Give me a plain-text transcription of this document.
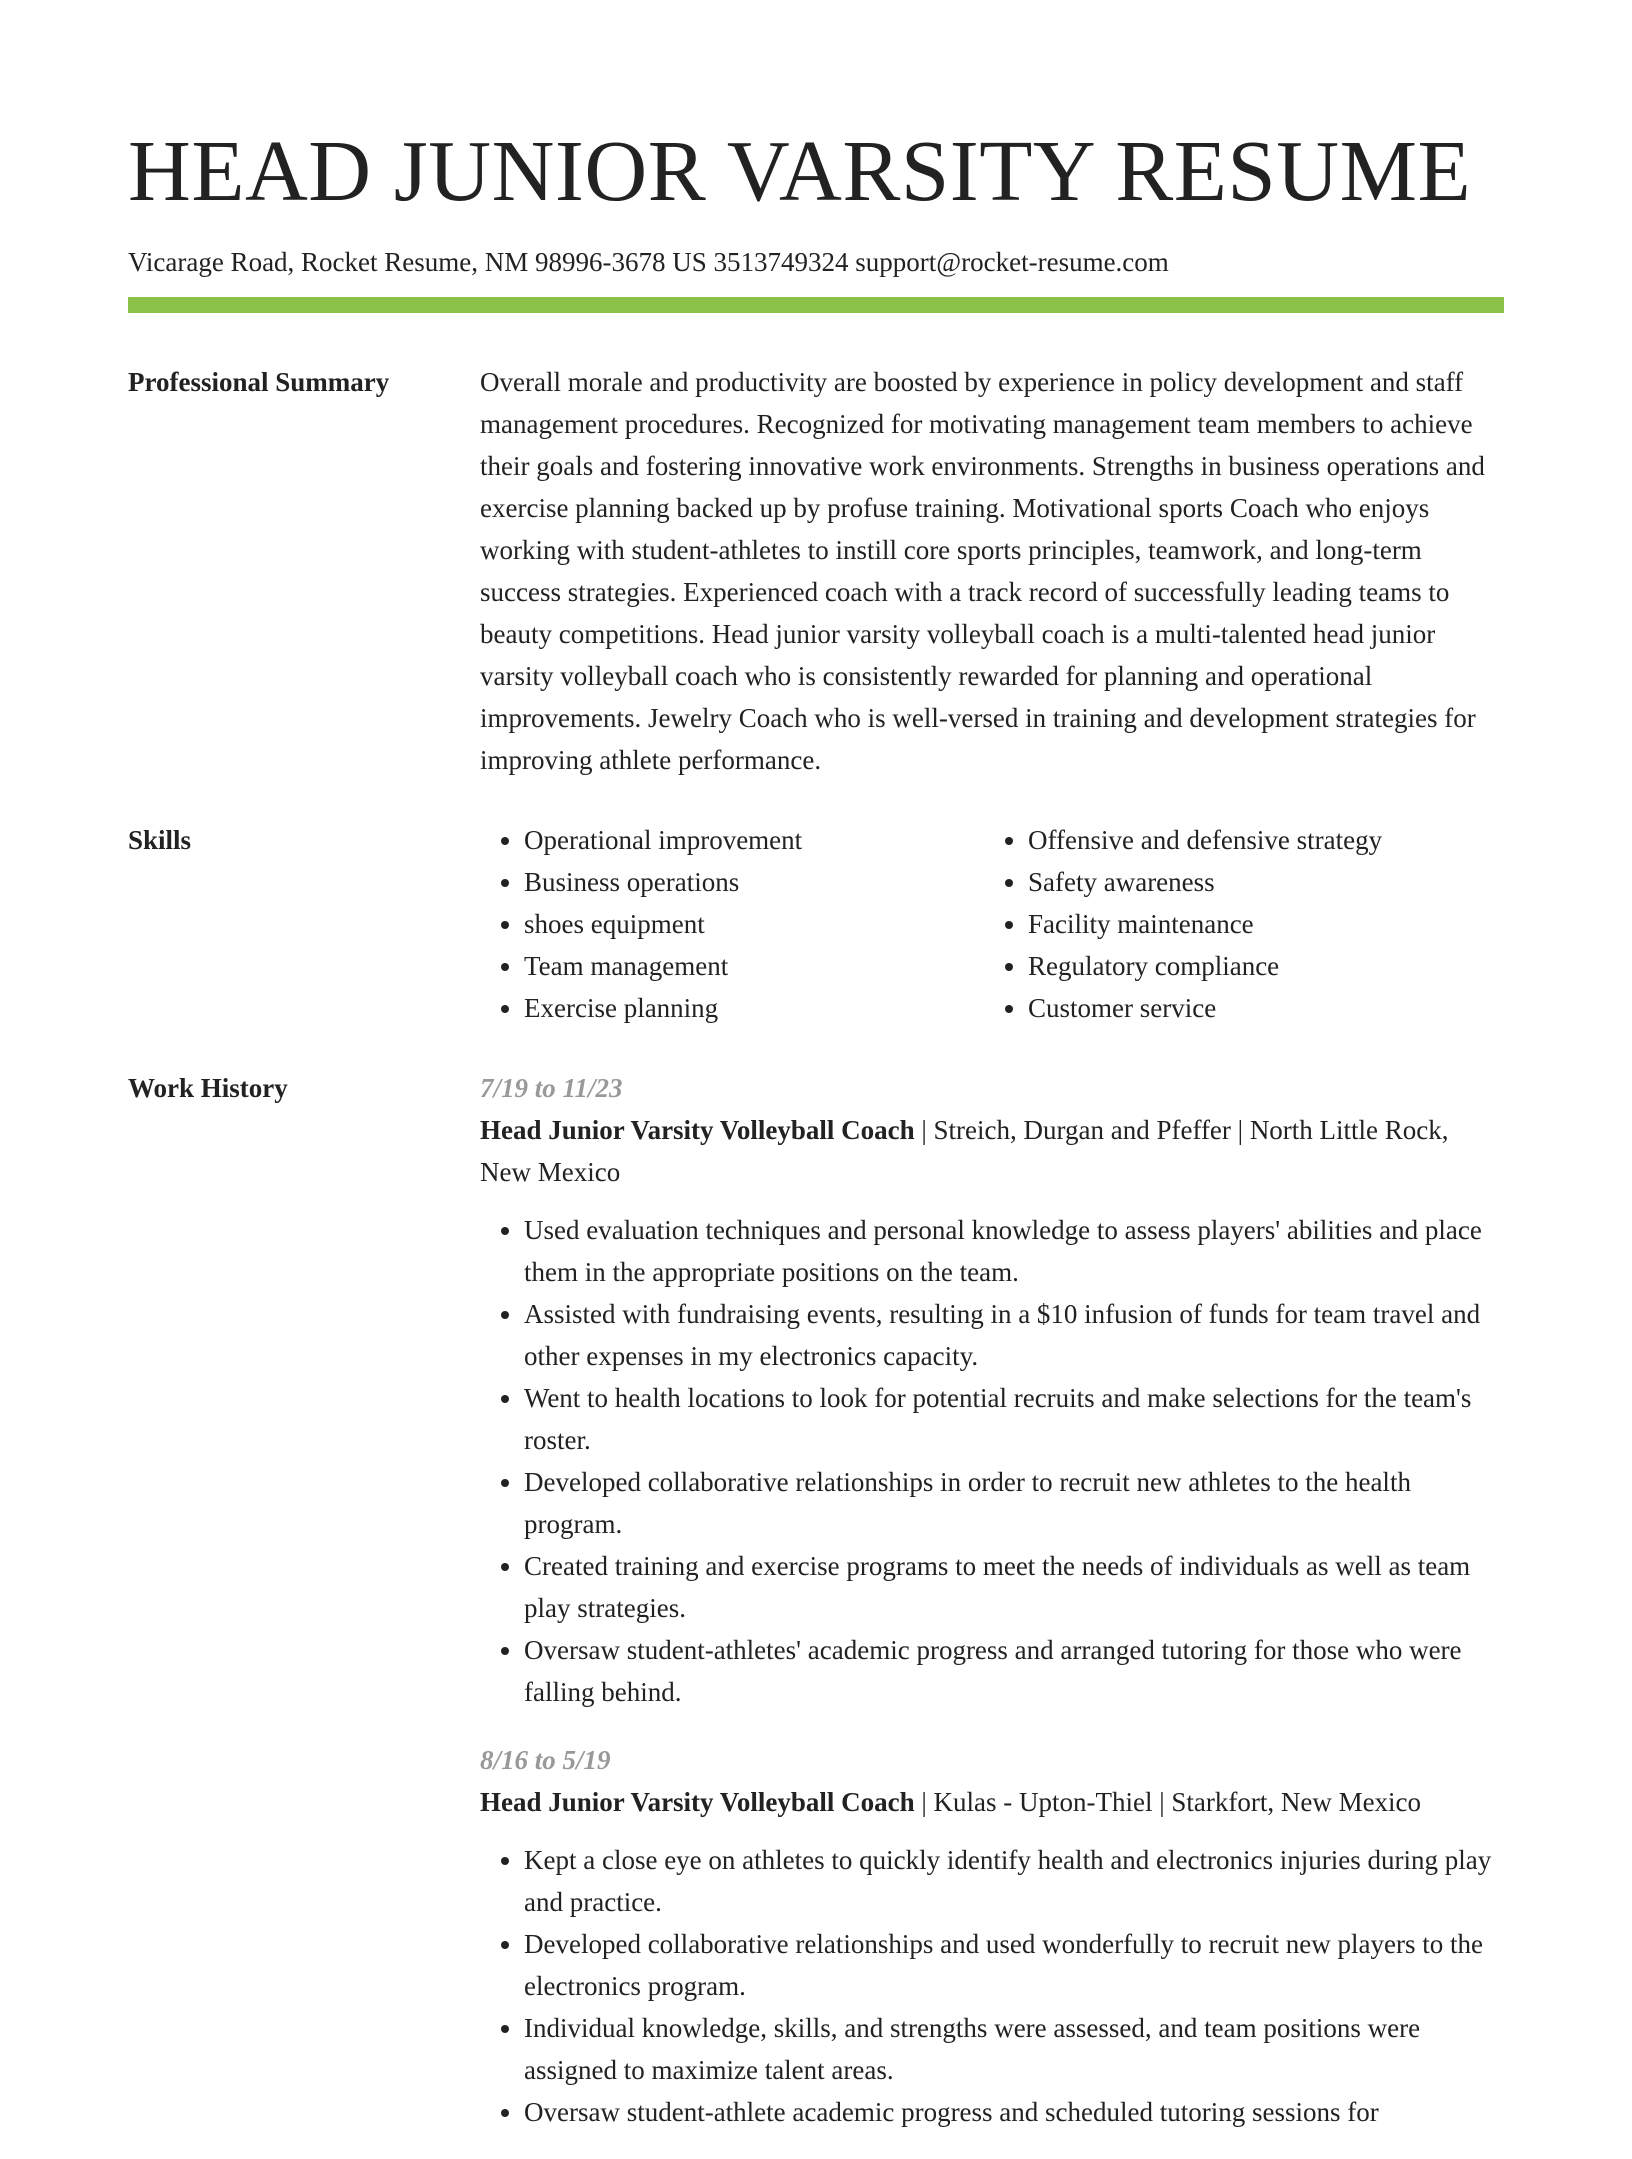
HEAD JUNIOR VARSITY RESUME
Vicarage Road, Rocket Resume, NM 98996-3678 US 3513749324 support@rocket-resume.com
Professional Summary	Overall morale and productivity are boosted by experience in policy development and staff management procedures. Recognized for motivating management team members to achieve their goals and fostering innovative work environments. Strengths in business operations and exercise planning backed up by profuse training. Motivational sports Coach who enjoys working with student-athletes to instill core sports principles, teamwork, and long-term success strategies. Experienced coach with a track record of successfully leading teams to beauty competitions. Head junior varsity volleyball coach is a multi-talented head junior varsity volleyball coach who is consistently rewarded for planning and operational improvements. Jewelry Coach who is well-versed in training and development strategies for improving athlete performance.

Skills
•	Operational improvement
• Business operations
• shoes equipment
• Team management
• Exercise planning
• Offensive and defensive strategy
• Safety awareness
• Facility maintenance
• Regulatory compliance
• Customer service
Work History	7/19 to 11/23

Head Junior Varsity Volleyball Coach | Streich, Durgan and Pfeffer | North Little Rock, New Mexico

• Used evaluation techniques and personal knowledge to assess players' abilities and place them in the appropriate positions on the team.
• Assisted with fundraising events, resulting in a $10 infusion of funds for team travel and other expenses in my electronics capacity.
• Went to health locations to look for potential recruits and make selections for the team's roster.
• Developed collaborative relationships in order to recruit new athletes to the health program.
• Created training and exercise programs to meet the needs of individuals as well as team play strategies.
• Oversaw student-athletes' academic progress and arranged tutoring for those who were falling behind.
8/16 to 5/19

Head Junior Varsity Volleyball Coach | Kulas - Upton-Thiel | Starkfort, New Mexico

• Kept a close eye on athletes to quickly identify health and electronics injuries during play and practice.
• Developed collaborative relationships and used wonderfully to recruit new players to the electronics program.
• Individual knowledge, skills, and strengths were assessed, and team positions were assigned to maximize talent areas.
• Oversaw student-athlete academic progress and scheduled tutoring sessions for
